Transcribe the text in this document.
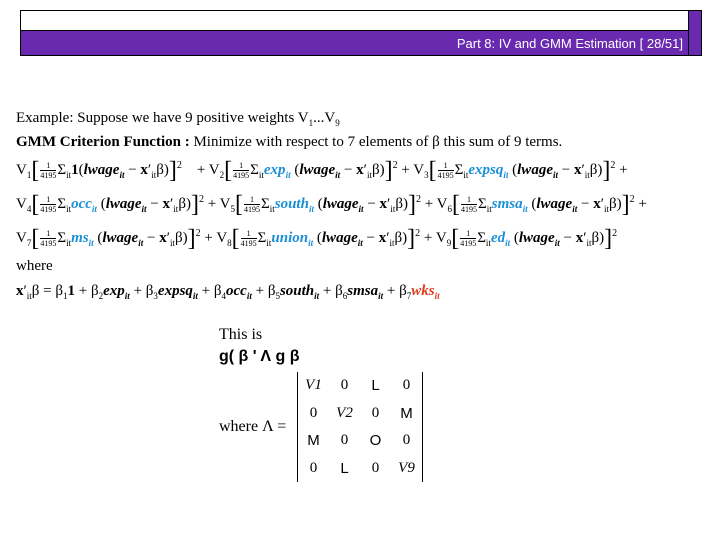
Part 8: IV and GMM Estimation [ 28/51]
Example: Suppose we have 9 positive weights $V_1...V_9$
GMM Criterion Function : Minimize with respect to 7 elements of β this sum of 9 terms.
$V_1[ \frac{1}{4195}$ $\Sigma_{it}1(lwage_{it} - x'_{it}\beta)]^2$    + $V_2[ \frac{1}{4195} \Sigma_{it}\exp_{it}$ (lwage$_{it}$ − $x'_{it}\beta)]^2 + V_3[ \frac{1}{4195}$ $\Sigma_{it}expsq_{it}$ (lwage$_{it}$ − $x'_{it}\beta)]^2$ +
$V_4[ \frac{1}{4195} \Sigma_{it}occ_{it}$ (lwage$_{it}$ − $x'_{it}\beta)]^2 + V_5[ \frac{1}{4195}$ $\Sigma_{it}south_{it}$ (lwage$_{it}$ − $x'_{it}\beta)]^2 + V_6[ \frac{1}{4195}$ $\Sigma_{it}smsa_{it}$ (lwage$_{it}$ − $x'_{it}\beta)]^2$ +
$V_7[ \frac{1}{4195} \Sigma_{it}ms_{it}$ (lwage$_{it}$ − $x'_{it}\beta)]^2 + V_8[ \frac{1}{4195}$ $\Sigma_{it}union_{it}$ (lwage$_{it}$ − $x'_{it}\beta)]^2 + V_9[ \frac{1}{4195} \Sigma_{it}ed_{it}$ (lwage$_{it}$ − $x'_{it}\beta)]^2$
where
$x'_{it}\beta = \beta_11 + \beta_2\exp_{it}$ + $\beta_3expsq_{it} + \beta_4occ_{it}$ + $\beta_5south_{it}$ + $\beta_6smsa_{it} + \beta_7wks_{it}$
This is
g( β ' Λ g β
where Λ =
V1	0	L	0
0	V2	0	M
M	0	O	0
0	L	0	V9
